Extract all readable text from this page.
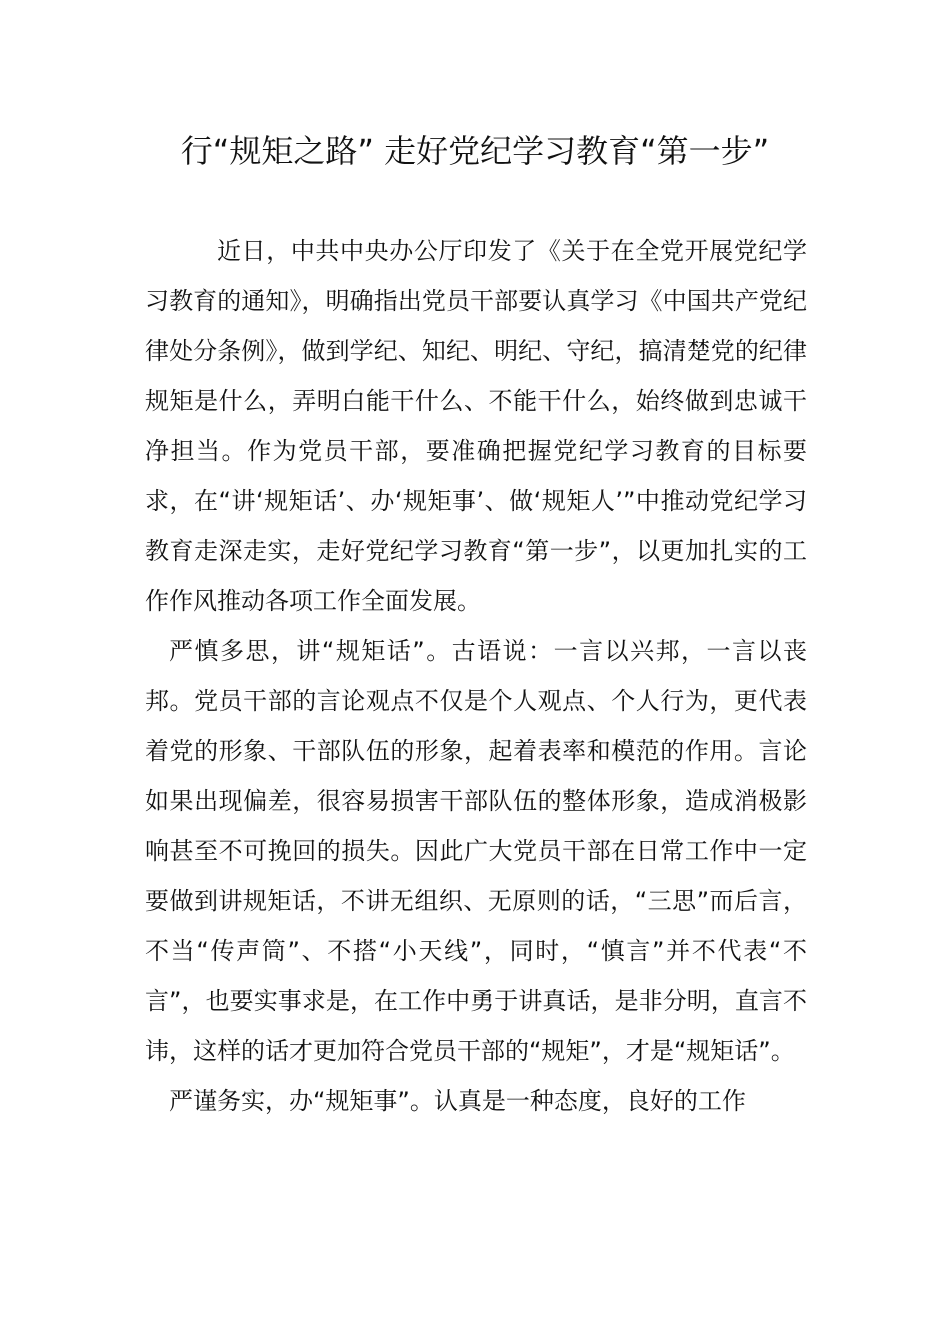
行“规矩之路” 走好党纪学习教育“第一步”

近日，中共中央办公厅印发了《关于在全党开展党纪学习教育的通知》，明确指出党员干部要认真学习《中国共产党纪律处分条例》，做到学纪、知纪、明纪、守纪，搞清楚党的纪律规矩是什么，弄明白能干什么、不能干什么，始终做到忠诚干净担当。作为党员干部，要准确把握党纪学习教育的目标要求，在“讲‘规矩话’、办‘规矩事’、做‘规矩人’”中推动党纪学习教育走深走实，走好党纪学习教育“第一步”，以更加扎实的工作作风推动各项工作全面发展。

严慎多思，讲“规矩话”。古语说：一言以兴邦，一言以丧邦。党员干部的言论观点不仅是个人观点、个人行为，更代表着党的形象、干部队伍的形象，起着表率和模范的作用。言论如果出现偏差，很容易损害干部队伍的整体形象，造成消极影响甚至不可挽回的损失。因此广大党员干部在日常工作中一定要做到讲规矩话，不讲无组织、无原则的话，“三思”而后言，不当“传声筒”、不搭“小天线”，同时，“慎言”并不代表“不言”，也要实事求是，在工作中勇于讲真话，是非分明，直言不讳，这样的话才更加符合党员干部的“规矩”，才是“规矩话”。

严谨务实，办“规矩事”。认真是一种态度，良好的工作
